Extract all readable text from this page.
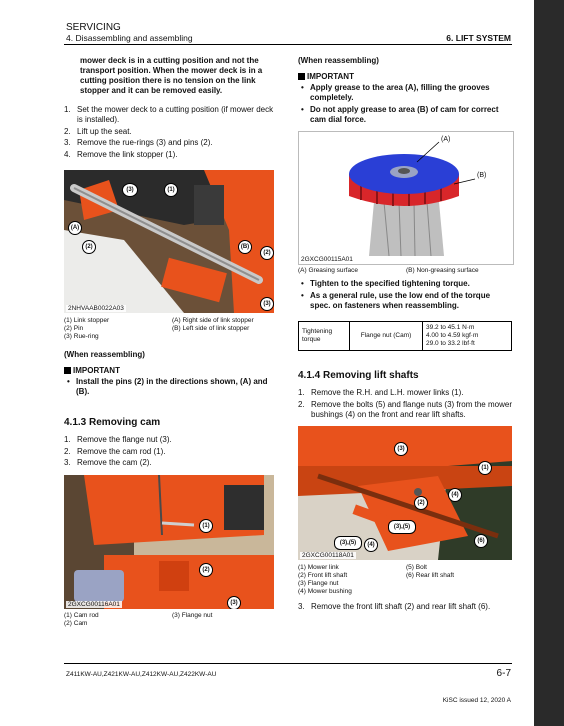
SERVICING
4. Disassembling and assembling	6. LIFT SYSTEM
mower deck is in a cutting position and not the transport position. When the mower deck is in a cutting position there is no tension on the link stopper and it can be removed easily.
1. Set the mower deck to a cutting position (if mower deck is installed).
2. Lift up the seat.
3. Remove the rue-rings (3) and pins (2).
4. Remove the link stopper (1).
(3)	(1)
(A)
(2)	(B)
(2)
(3)
2NHVAAB0022A03
(1) Link stopper
(2) Pin
(3) Rue-ring
(A) Right side of link stopper
(B) Left side of link stopper
(When reassembling)
IMPORTANT
• Install the pins (2) in the directions shown, (A) and (B).
4.1.3 Removing cam
1. Remove the flange nut (3).
2. Remove the cam rod (1).
3. Remove the cam (2).
(1)
(2)
(3)
2GXCG00116A01
(1) Cam rod
(2) Cam
(3) Flange nut
(When reassembling)
IMPORTANT
• Apply grease to the area (A), filling the grooves completely.
• Do not apply grease to area (B) of cam for correct cam dial force.
(A)
(B)
2GXCG00115A01
(A) Greasing surface	(B) Non-greasing surface
• Tighten to the specified tightening torque.
• As a general rule, use the low end of the torque spec. on fasteners when reassembling.
Tightening torque	Flange nut (Cam)	
39.2 to 45.1 N·m
4.00 to 4.59 kgf·m
29.0 to 33.2 lbf·ft
4.1.4 Removing lift shafts
1. Remove the R.H. and L.H. mower links (1).
2. Remove the bolts (5) and flange nuts (3) from the mower bushings (4) on the front and rear lift shafts.
(3)
(1)
(2)
(4)
(3),(5)
(3),(5)	(4)
(6)
2GXCG00118A01
(1) Mower link
(2) Front lift shaft
(3) Flange nut
(4) Mower bushing
(5) Bolt
(6) Rear lift shaft
3. Remove the front lift shaft (2) and rear lift shaft (6).
Z411KW-AU,Z421KW-AU,Z412KW-AU,Z422KW-AU	6-7
KiSC issued 12, 2020 A
